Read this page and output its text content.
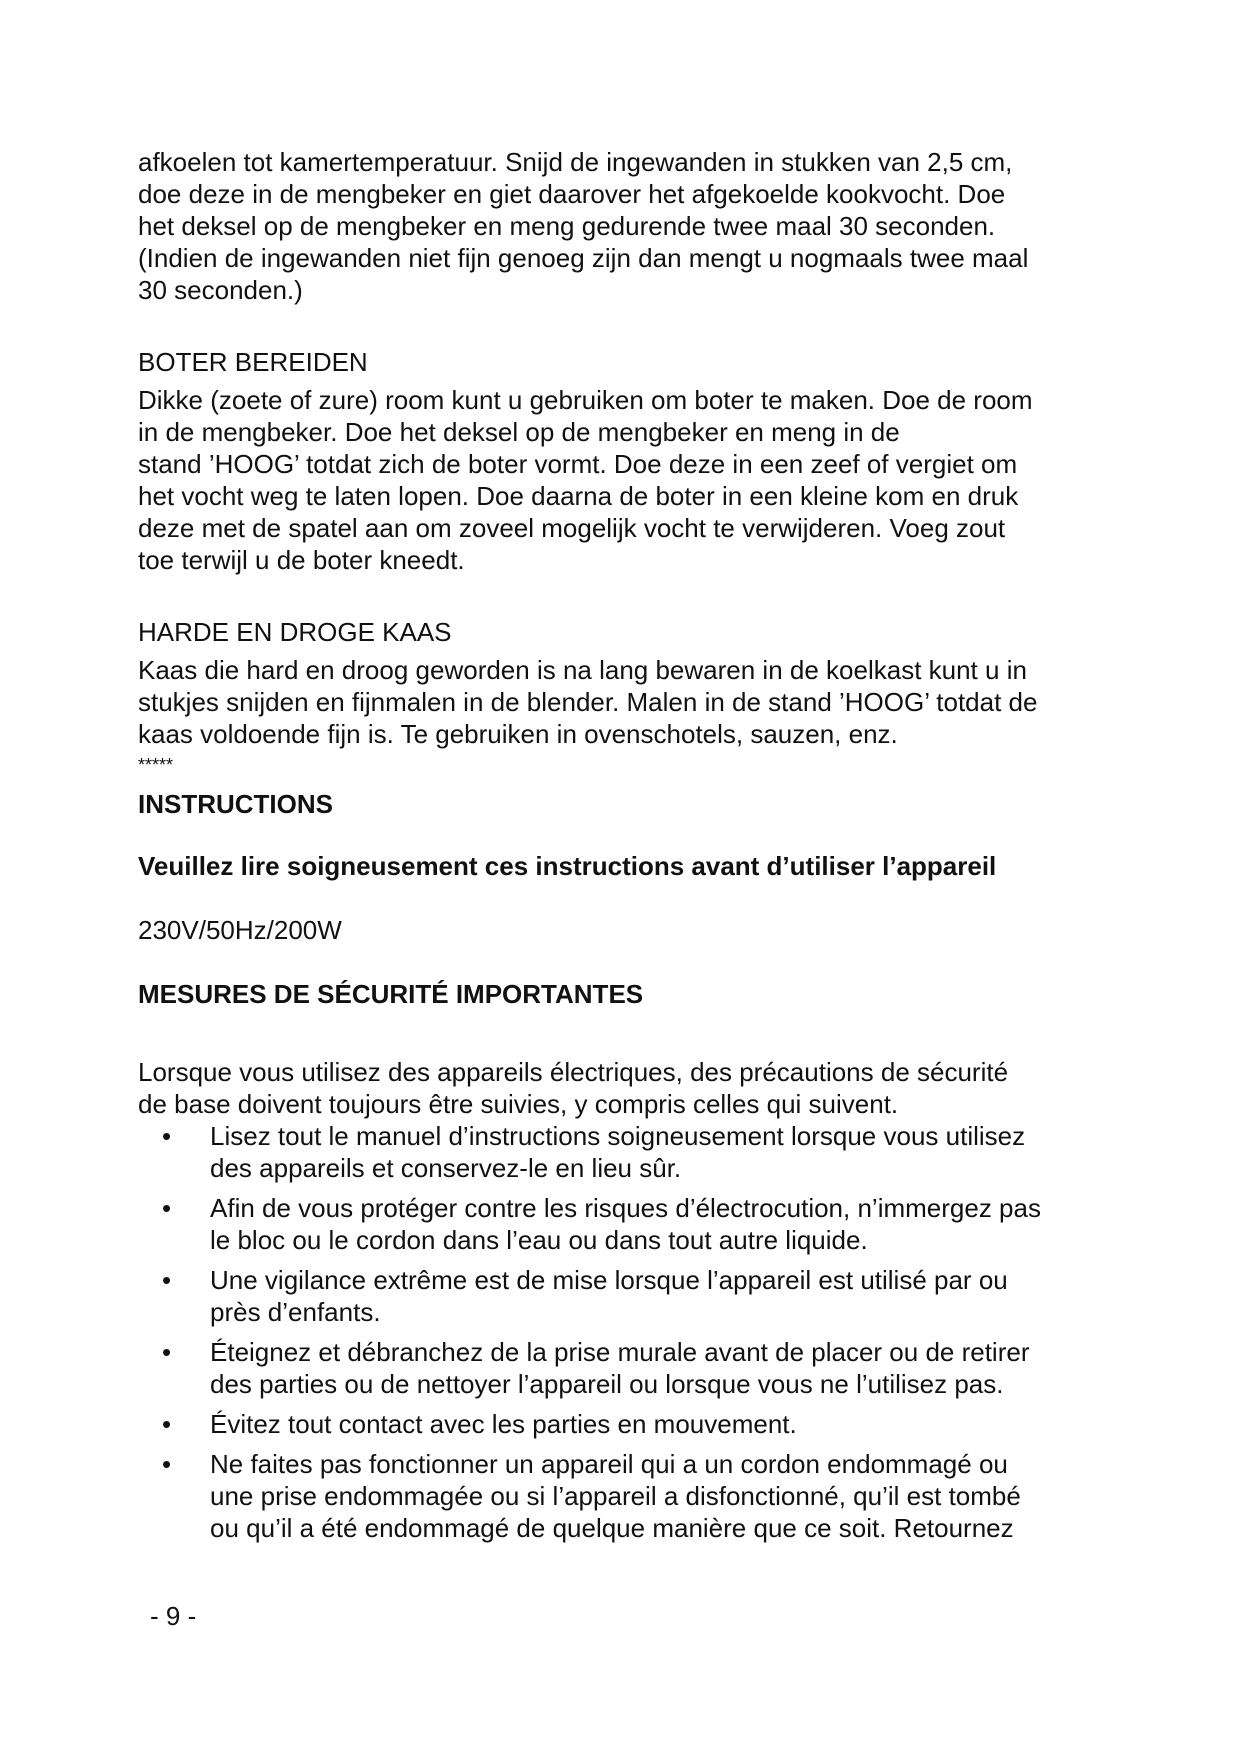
afkoelen tot kamertemperatuur. Snijd de ingewanden in stukken van 2,5 cm,
doe deze in de mengbeker en giet daarover het afgekoelde kookvocht. Doe
het deksel op de mengbeker en meng gedurende twee maal 30 seconden.
(Indien de ingewanden niet fijn genoeg zijn dan mengt u nogmaals twee maal
30 seconden.)

BOTER BEREIDEN

Dikke (zoete of zure) room kunt u gebruiken om boter te maken. Doe de room
in de mengbeker. Doe het deksel op de mengbeker en meng in de
stand ’HOOG’ totdat zich de boter vormt. Doe deze in een zeef of vergiet om
het vocht weg te laten lopen. Doe daarna de boter in een kleine kom en druk
deze met de spatel aan om zoveel mogelijk vocht te verwijderen. Voeg zout
toe terwijl u de boter kneedt.

HARDE EN DROGE KAAS

Kaas die hard en droog geworden is na lang bewaren in de koelkast kunt u in
stukjes snijden en fijnmalen in de blender. Malen in de stand ’HOOG’ totdat de
kaas voldoende fijn is. Te gebruiken in ovenschotels, sauzen, enz.

*****

INSTRUCTIONS

Veuillez lire soigneusement ces instructions avant d’utiliser l’appareil

230V/50Hz/200W

MESURES DE SÉCURITÉ IMPORTANTES

Lorsque vous utilisez des appareils électriques, des précautions de sécurité
de base doivent toujours être suivies, y compris celles qui suivent.

• Lisez tout le manuel d’instructions soigneusement lorsque vous utilisez
des appareils et conservez-le en lieu sûr.
• Afin de vous protéger contre les risques d’électrocution, n’immergez pas
le bloc ou le cordon dans l’eau ou dans tout autre liquide.
• Une vigilance extrême est de mise lorsque l’appareil est utilisé par ou
près d’enfants.
• Éteignez et débranchez de la prise murale avant de placer ou de retirer
des parties ou de nettoyer l’appareil ou lorsque vous ne l’utilisez pas.
• Évitez tout contact avec les parties en mouvement.
• Ne faites pas fonctionner un appareil qui a un cordon endommagé ou
une prise endommagée ou si l’appareil a disfonctionné, qu’il est tombé
ou qu’il a été endommagé de quelque manière que ce soit. Retournez
- 9 -
